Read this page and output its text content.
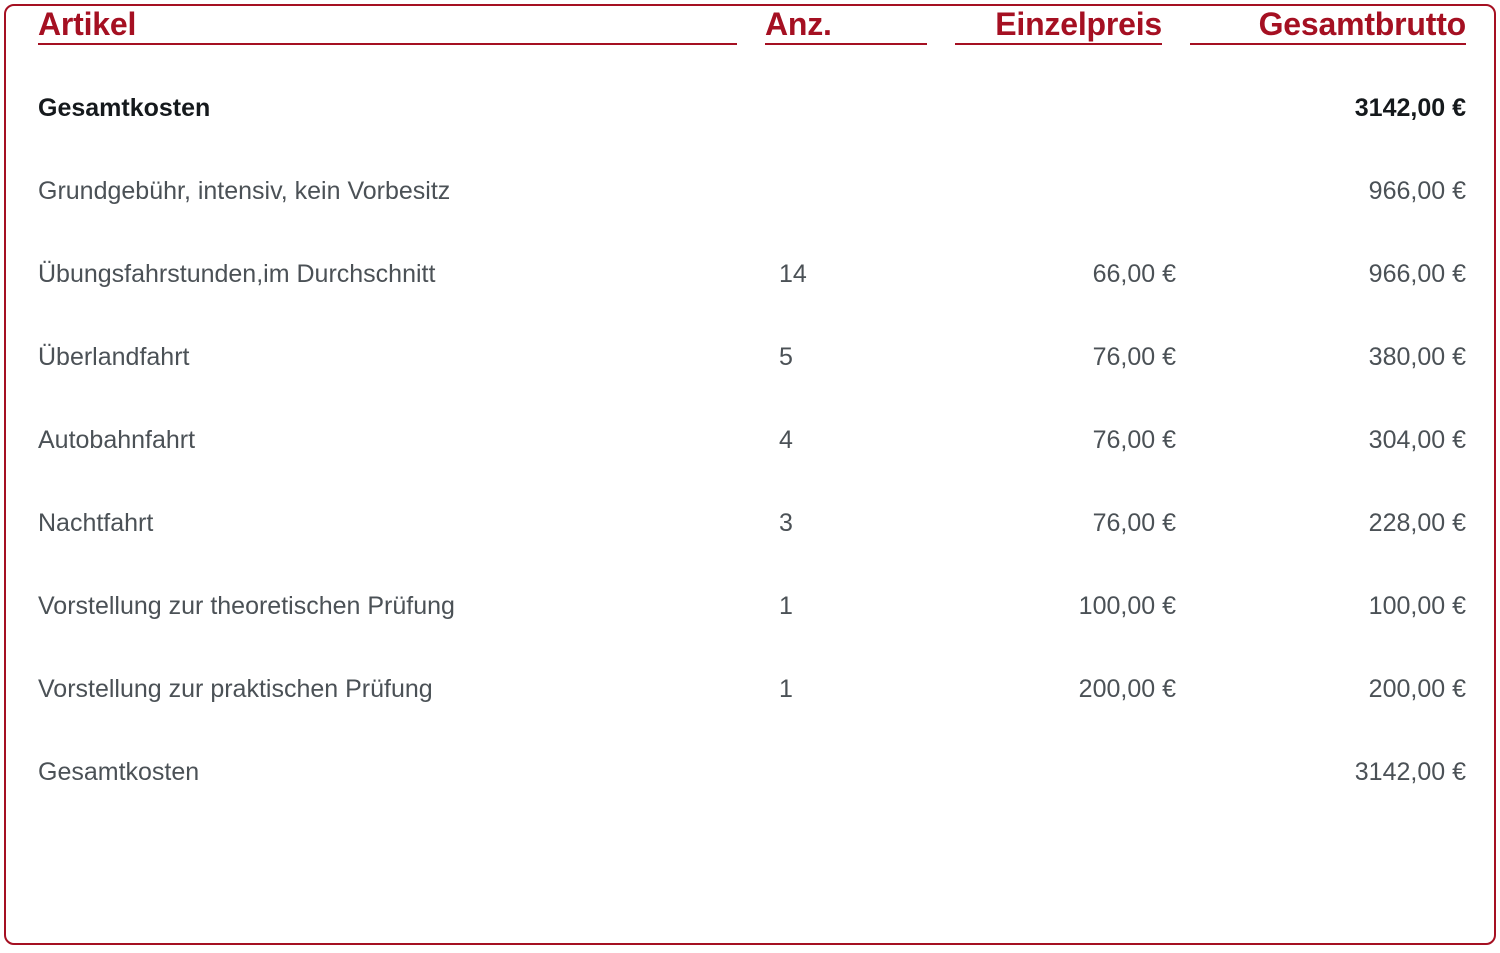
Artikel	Anz.	Einzelpreis	Gesamtbrutto
Gesamtkosten			3142,00 €
Grundgebühr, intensiv, kein Vorbesitz			966,00 €
Übungsfahrstunden,im Durchschnitt	14	66,00 €	966,00 €
Überlandfahrt	5	76,00 €	380,00 €
Autobahnfahrt	4	76,00 €	304,00 €
Nachtfahrt	3	76,00 €	228,00 €
Vorstellung zur theoretischen Prüfung	1	100,00 €	100,00 €
Vorstellung zur praktischen Prüfung	1	200,00 €	200,00 €
Gesamtkosten			3142,00 €
